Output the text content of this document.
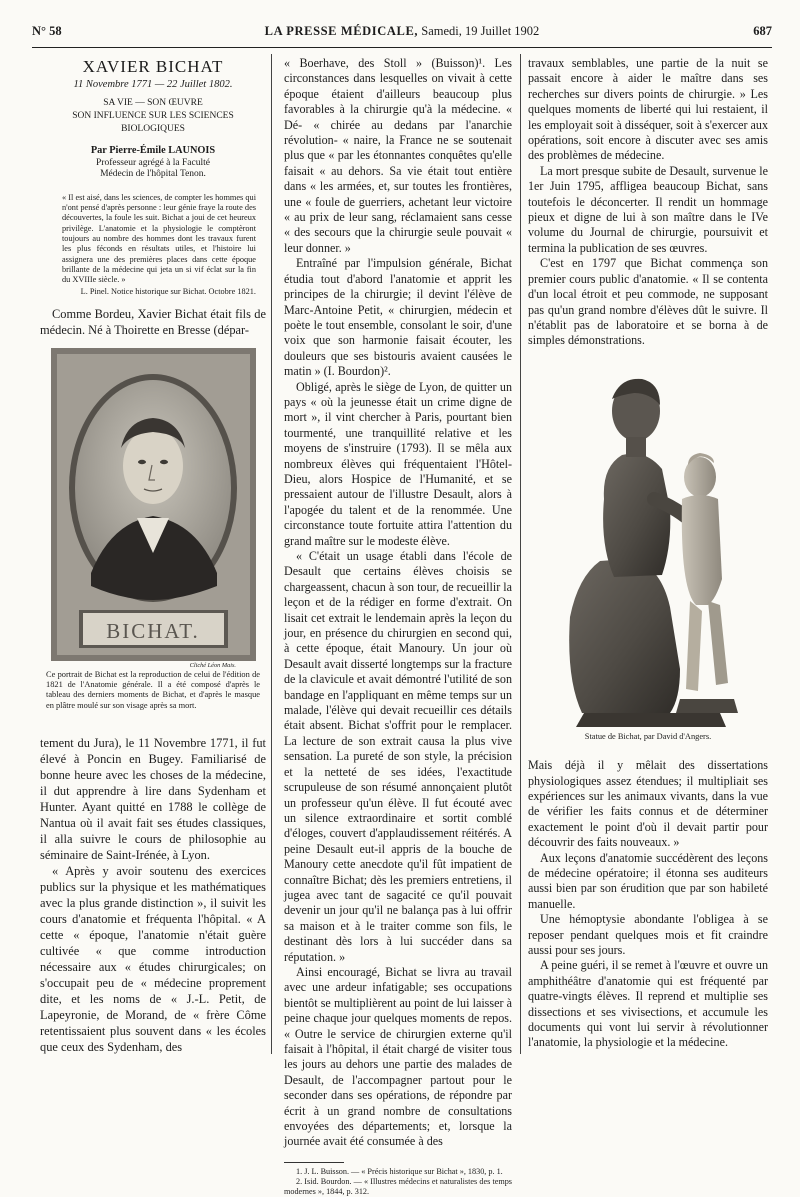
N° 58	LA PRESSE MÉDICALE, Samedi, 19 Juillet 1902	687
XAVIER BICHAT
11 Novembre 1771 — 22 Juillet 1802.
SA VIE — SON ŒUVRE
SON INFLUENCE SUR LES SCIENCES BIOLOGIQUES
Par Pierre-Émile LAUNOIS
Professeur agrégé à la Faculté
Médecin de l'hôpital Tenon.
« Il est aisé, dans les sciences, de compter les hommes qui n'ont pensé d'après personne : leur génie fraye la route des découvertes, la foule les suit. Bichat a joui de cet heureux privilège. L'anatomie et la physiologie le comptèront toujours au nombre des hommes dont les travaux furent les plus féconds en résultats utiles, et l'histoire lui assignera une des premières places dans cette époque brillante de la médecine qui jeta un si vif éclat sur la fin du XVIIIe siècle. »
L. Pinel. Notice historique sur Bichat. Octobre 1821.

Comme Bordeu, Xavier Bichat était fils de médecin. Né à Thoirette en Bresse (dépar-

BICHAT.
Cliché Léon Mais.
Ce portrait de Bichat est la reproduction de celui de l'édition de 1821 de l'Anatomie générale. Il a été composé d'après le tableau des derniers moments de Bichat, et d'après le masque en plâtre moulé sur son visage après sa mort.

tement du Jura), le 11 Novembre 1771, il fut élevé à Poncin en Bugey. Familiarisé de bonne heure avec les choses de la médecine, il dut apprendre à lire dans Sydenham et Hunter. Ayant quitté en 1788 le collège de Nantua où il avait fait ses études classiques, il alla suivre le cours de philosophie au séminaire de Saint-Irénée, à Lyon.

« Après y avoir soutenu des exercices publics sur la physique et les mathématiques avec la plus grande distinction », il suivit les cours d'anatomie et fréquenta l'hôpital. « A cette « époque, l'anatomie n'était guère cultivée « que comme introduction nécessaire aux « études chirurgicales; on s'occupait peu de « médecine proprement dite, et les noms de « J.-L. Petit, de Lapeyronie, de Morand, de « frère Côme retentissaient plus souvent dans « les écoles que ceux des Sydenham, des

« Boerhave, des Stoll » (Buisson)¹. Les circonstances dans lesquelles on vivait à cette époque étaient d'ailleurs beaucoup plus favorables à la chirurgie qu'à la médecine. « Dé- « chirée au dedans par l'anarchie révolution- « naire, la France ne se soutenait plus que « par les étonnantes conquêtes qu'elle faisait « au dehors. Sa vie était tout entière dans « les armées, et, sur toutes les frontières, une « foule de guerriers, achetant leur victoire « au prix de leur sang, réclamaient sans cesse « des secours que la chirurgie seule pouvait « leur donner. »

Entraîné par l'impulsion générale, Bichat étudia tout d'abord l'anatomie et apprit les principes de la chirurgie; il devint l'élève de Marc-Antoine Petit, « chirurgien, médecin et poète le tout ensemble, consolant le soir, d'une voix que son harmonie faisait écouter, les douleurs que ses bistouris avaient causées le matin » (I. Bourdon)².

Obligé, après le siège de Lyon, de quitter un pays « où la jeunesse était un crime digne de mort », il vint chercher à Paris, pourtant bien tourmenté, une tranquillité relative et les moyens de s'instruire (1793). Il se mêla aux nombreux élèves qui fréquentaient l'Hôtel-Dieu, alors Hospice de l'Humanité, et se pressaient autour de l'illustre Desault, alors à l'apogée du talent et de la renommée. Une circonstance toute fortuite attira l'attention du grand maître sur le modeste élève.

« C'était un usage établi dans l'école de Desault que certains élèves choisis se chargeassent, chacun à son tour, de recueillir la leçon et de la rédiger en forme d'extrait. On lisait cet extrait le lendemain après la leçon du jour, en présence du chirurgien en second qui, à cette époque, était Manoury. Un jour où Desault avait disserté longtemps sur la fracture de la clavicule et avait démontré l'utilité de son bandage en l'appliquant en même temps sur un malade, l'élève qui devait recueillir ces détails était absent. Bichat s'offrit pour le remplacer. La lecture de son extrait causa la plus vive sensation. La pureté de son style, la précision et la netteté de ses idées, l'exactitude scrupuleuse de son résumé annonçaient plutôt un professeur qu'un élève. Il fut écouté avec un silence extraordinaire et sortit comblé d'éloges, couvert d'applaudissement réitérés. A peine Desault eut-il appris de la bouche de Manoury cette anecdote qu'il fût impatient de connaître Bichat; dès les premiers entretiens, il jugea avec tant de sagacité ce qu'il pouvait devenir un jour qu'il ne balança pas à lui offrir sa maison et à le traiter comme son fils, le destinant dès lors à lui succéder dans sa réputation. »

Ainsi encouragé, Bichat se livra au travail avec une ardeur infatigable; ses occupations bientôt se multiplièrent au point de lui laisser à peine chaque jour quelques moments de repos. « Outre le service de chirurgien externe qu'il faisait à l'hôpital, il était chargé de visiter tous les jours au dehors une partie des malades de Desault, de l'accompagner partout pour le seconder dans ses opérations, de répondre par écrit à un grand nombre de consultations envoyées des départements; et, lorsque la journée avait été consumée à des

1. J. L. Buisson. — « Précis historique sur Bichat », 1830, p. 1.

2. Isid. Bourdon. — « Illustres médecins et naturalistes des temps modernes », 1844, p. 312.

travaux semblables, une partie de la nuit se passait encore à aider le maître dans ses recherches sur divers points de chirurgie. » Les quelques moments de liberté qui lui restaient, il les employait soit à disséquer, soit à s'exercer aux opérations, soit encore à discuter avec ses amis des problèmes de médecine.

La mort presque subite de Desault, survenue le 1er Juin 1795, affligea beaucoup Bichat, sans toutefois le déconcerter. Il rendit un hommage pieux et digne de lui à son maître dans le IVe volume du Journal de chirurgie, poursuivit et termina la publication de ses œuvres.

C'est en 1797 que Bichat commença son premier cours public d'anatomie. « Il se contenta d'un local étroit et peu commode, ne supposant pas qu'un grand nombre d'élèves dût le suivre. Il n'établit pas de laboratoire et se borna à de simples démonstrations.

Statue de Bichat, par David d'Angers.

Mais déjà il y mêlait des dissertations physiologiques assez étendues; il multipliait ses expériences sur les animaux vivants, dans la vue de vérifier les faits connus et de déterminer exactement le point d'où il devait partir pour découvrir des faits nouveaux. »

Aux leçons d'anatomie succédèrent des leçons de médecine opératoire; il étonna ses auditeurs aussi bien par son érudition que par son habileté manuelle.

Une hémoptysie abondante l'obligea à se reposer pendant quelques mois et fit craindre aussi pour ses jours.

A peine guéri, il se remet à l'œuvre et ouvre un amphithéâtre d'anatomie qui est fréquenté par quatre-vingts élèves. Il reprend et multiplie ses dissections et ses vivisections, et accumule les documents qui vont lui servir à révolutionner l'anatomie, la physiologie et la médecine.
